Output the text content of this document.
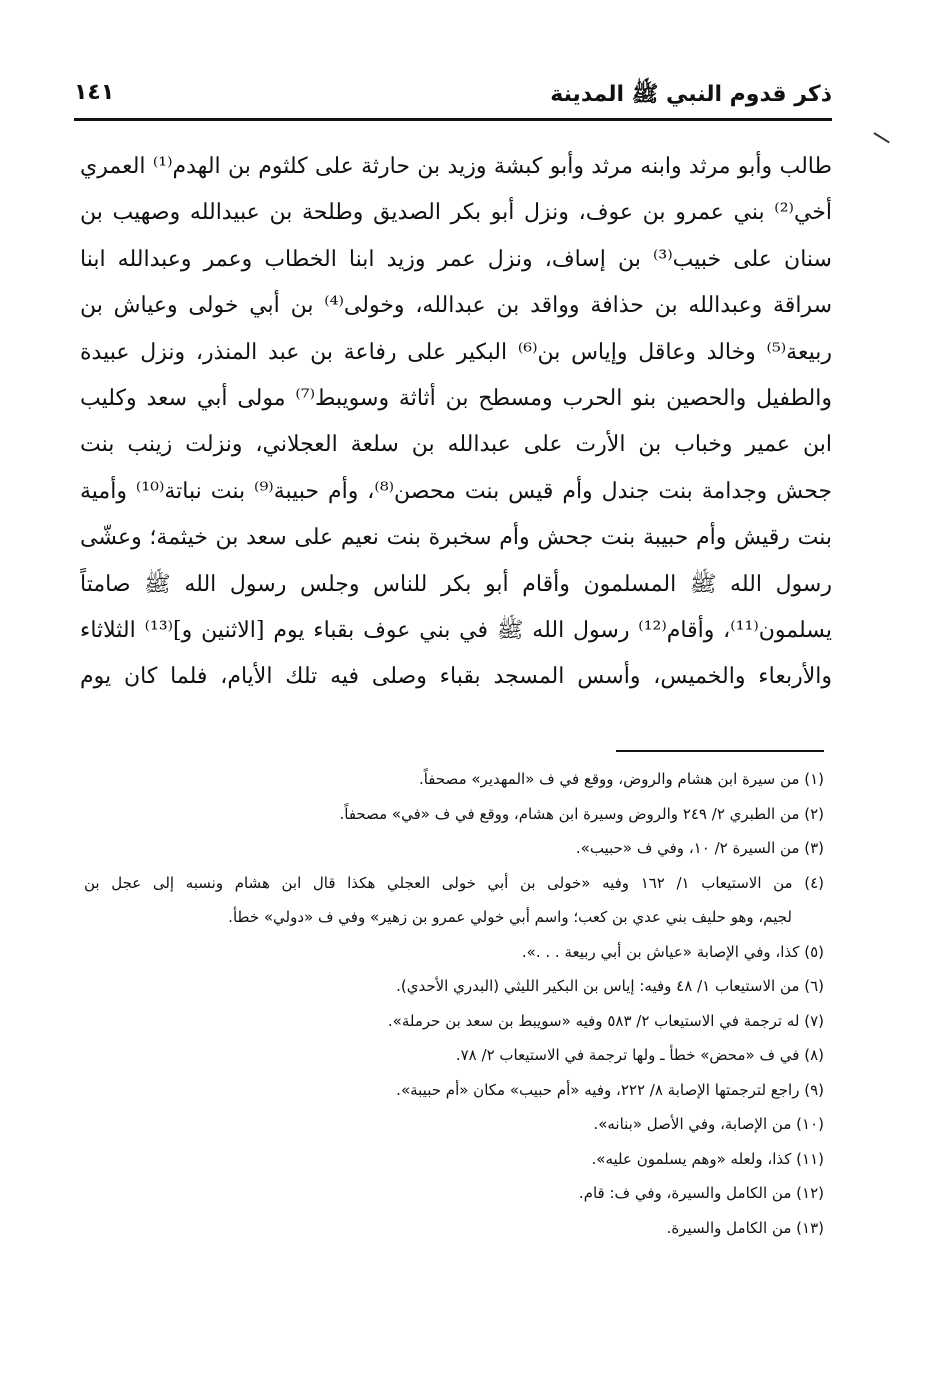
ذكر قدوم النبي ﷺ المدينة
١٤١
طالب وأبو مرثد وابنه مرثد وأبو كبشة وزيد بن حارثة على كلثوم بن الهدم⁽¹⁾ العمري
أخي⁽²⁾ بني عمرو بن عوف، ونزل أبو بكر الصديق وطلحة بن عبيدالله وصهيب بن
سنان على خبيب⁽³⁾ بن إساف، ونزل عمر وزيد ابنا الخطاب وعمر وعبدالله ابنا
سراقة وعبدالله بن حذافة وواقد بن عبدالله، وخولى⁽⁴⁾ بن أبي خولى وعياش بن
ربيعة⁽⁵⁾ وخالد وعاقل وإياس بن⁽⁶⁾ البكير على رفاعة بن عبد المنذر، ونزل عبيدة
والطفيل والحصين بنو الحرب ومسطح بن أثاثة وسويبط⁽⁷⁾ مولى أبي سعد وكليب
ابن عمير وخباب بن الأرت على عبدالله بن سلعة العجلاني، ونزلت زينب بنت
جحش وجدامة بنت جندل وأم قيس بنت محصن⁽⁸⁾، وأم حبيبة⁽⁹⁾ بنت نباتة⁽¹⁰⁾ وأمية
بنت رقيش وأم حبيبة بنت جحش وأم سخبرة بنت نعيم على سعد بن خيثمة؛ وعشّى
رسول الله ﷺ المسلمون وأقام أبو بكر للناس وجلس رسول الله ﷺ صامتاً
يسلمون⁽¹¹⁾، وأقام⁽¹²⁾ رسول الله ﷺ في بني عوف بقباء يوم [الاثنين و]⁽¹³⁾ الثلاثاء
والأربعاء والخميس، وأسس المسجد بقباء وصلى فيه تلك الأيام، فلما كان يوم
(١) من سيرة ابن هشام والروض، ووقع في ف «المهدير» مصحفاً.
(٢) من الطبري ٢/ ٢٤٩ والروض وسيرة ابن هشام، ووقع في ف «في» مصحفاً.
(٣) من السيرة ٢/ ١٠، وفي ف «حبيب».
(٤) من الاستيعاب ١/ ١٦٢ وفيه «خولى بن أبي خولى العجلي هكذا قال ابن هشام ونسبه إلى عجل بن
لجيم، وهو حليف بني عدي بن كعب؛ واسم أبي خولي عمرو بن زهير» وفي ف «دولي» خطأ.
(٥) كذا، وفي الإصابة «عياش بن أبي ربيعة . . .».
(٦) من الاستيعاب ١/ ٤٨ وفيه: إياس بن البكير الليثي (البدري الأحدي).
(٧) له ترجمة في الاستيعاب ٢/ ٥٨٣ وفيه «سويبط بن سعد بن حرملة».
(٨) في ف «محض» خطأ ـ ولها ترجمة في الاستيعاب ٢/ ٧٨.
(٩) راجع لترجمتها الإصابة ٨/ ٢٢٢، وفيه «أم حبيب» مكان «أم حبيبة».
(١٠) من الإصابة، وفي الأصل «بنانه».
(١١) كذا، ولعله «وهم يسلمون عليه».
(١٢) من الكامل والسيرة، وفي ف: قام.
(١٣) من الكامل والسيرة.
